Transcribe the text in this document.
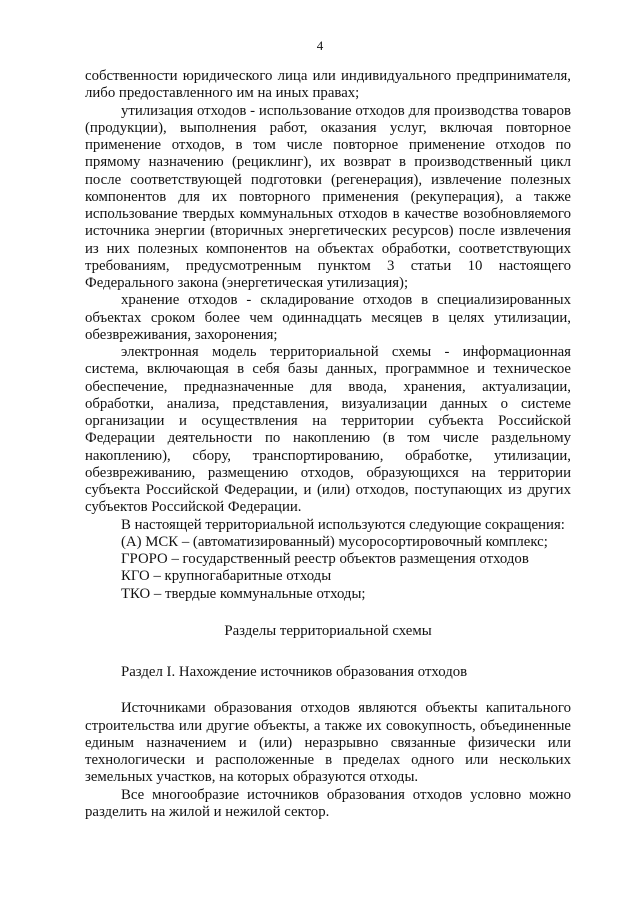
4

собственности юридического лица или индивидуального предпринимателя, либо предоставленного им на иных правах;

утилизация отходов - использование отходов для производства товаров (продукции), выполнения работ, оказания услуг, включая повторное применение отходов, в том числе повторное применение отходов по прямому назначению (рециклинг), их возврат в производственный цикл после соответствующей подготовки (регенерация), извлечение полезных компонентов для их повторного применения (рекуперация), а также использование твердых коммунальных отходов в качестве возобновляемого источника энергии (вторичных энергетических ресурсов) после извлечения из них полезных компонентов на объектах обработки, соответствующих требованиям, предусмотренным пунктом 3 статьи 10 настоящего Федерального закона (энергетическая утилизация);

хранение отходов - складирование отходов в специализированных объектах сроком более чем одиннадцать месяцев в целях утилизации, обезвреживания, захоронения;

электронная модель территориальной схемы - информационная система, включающая в себя базы данных, программное и техническое обеспечение, предназначенные для ввода, хранения, актуализации, обработки, анализа, представления, визуализации данных о системе организации и осуществления на территории субъекта Российской Федерации деятельности по накоплению (в том числе раздельному накоплению), сбору, транспортированию, обработке, утилизации, обезвреживанию, размещению отходов, образующихся на территории субъекта Российской Федерации, и (или) отходов, поступающих из других субъектов Российской Федерации.

В настоящей территориальной используются следующие сокращения:

(А) МСК – (автоматизированный) мусоросортировочный комплекс;

ГРОРО – государственный реестр объектов размещения отходов

КГО – крупногабаритные отходы

ТКО – твердые коммунальные отходы;

Разделы территориальной схемы

Раздел I. Нахождение источников образования отходов

Источниками образования отходов являются объекты капитального строительства или другие объекты, а также их совокупность, объединенные единым назначением и (или) неразрывно связанные физически или технологически и расположенные в пределах одного или нескольких земельных участков, на которых образуются отходы.

Все многообразие источников образования отходов условно можно разделить на жилой и нежилой сектор.
